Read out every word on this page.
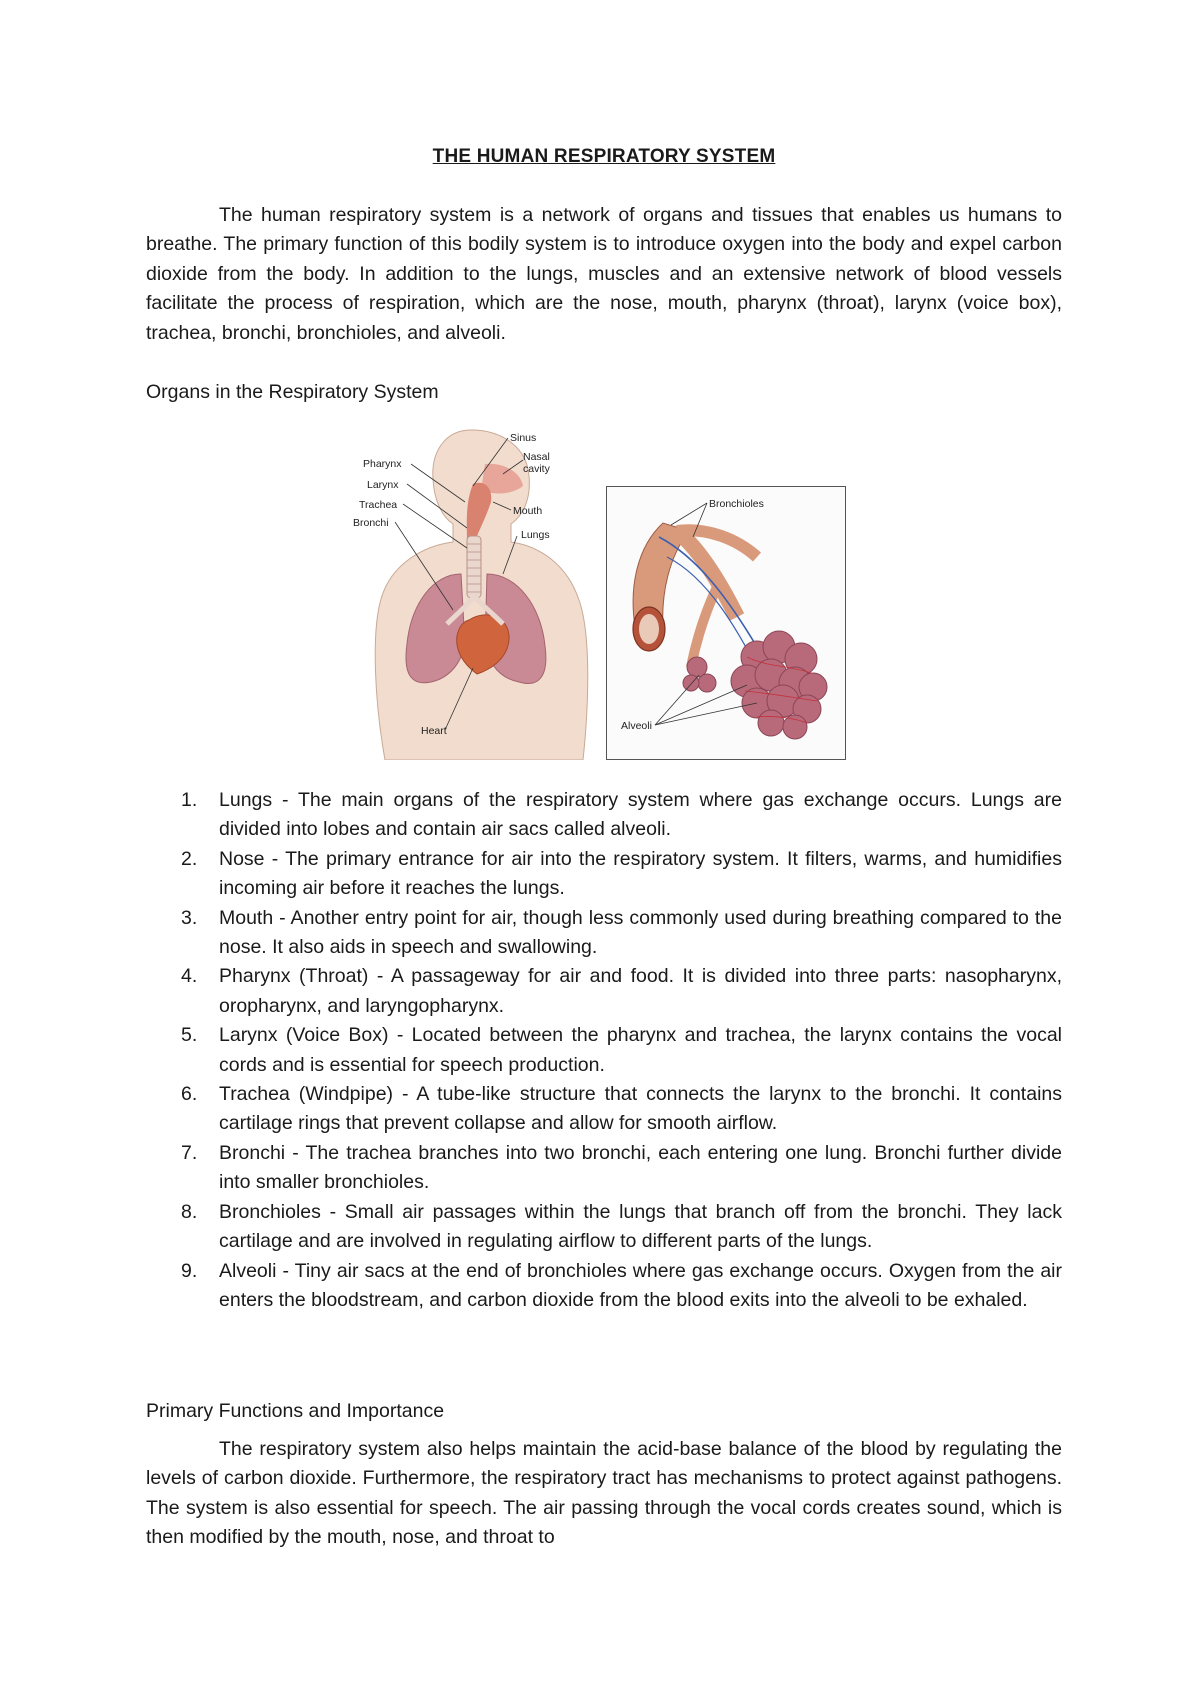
THE HUMAN RESPIRATORY SYSTEM

The human respiratory system is a network of organs and tissues that enables us humans to breathe. The primary function of this bodily system is to introduce oxygen into the body and expel carbon dioxide from the body. In addition to the lungs, muscles and an extensive network of blood vessels facilitate the process of respiration, which are the nose, mouth, pharynx (throat), larynx (voice box), trachea, bronchi, bronchioles, and alveoli.

Organs in the Respiratory System

Sinus
Nasal
cavity
Pharynx
Mouth
Larynx
Trachea
Lungs
Bronchi
Heart
Bronchioles
Alveoli
1. Lungs - The main organs of the respiratory system where gas exchange occurs. Lungs are divided into lobes and contain air sacs called alveoli.
2. Nose - The primary entrance for air into the respiratory system. It filters, warms, and humidifies incoming air before it reaches the lungs.
3. Mouth - Another entry point for air, though less commonly used during breathing compared to the nose. It also aids in speech and swallowing.
4. Pharynx (Throat) - A passageway for air and food. It is divided into three parts: nasopharynx, oropharynx, and laryngopharynx.
5. Larynx (Voice Box) - Located between the pharynx and trachea, the larynx contains the vocal cords and is essential for speech production.
6. Trachea (Windpipe) - A tube-like structure that connects the larynx to the bronchi. It contains cartilage rings that prevent collapse and allow for smooth airflow.
7. Bronchi - The trachea branches into two bronchi, each entering one lung. Bronchi further divide into smaller bronchioles.
8. Bronchioles - Small air passages within the lungs that branch off from the bronchi. They lack cartilage and are involved in regulating airflow to different parts of the lungs.
9. Alveoli - Tiny air sacs at the end of bronchioles where gas exchange occurs. Oxygen from the air enters the bloodstream, and carbon dioxide from the blood exits into the alveoli to be exhaled.

Primary Functions and Importance

The respiratory system also helps maintain the acid-base balance of the blood by regulating the levels of carbon dioxide. Furthermore, the respiratory tract has mechanisms to protect against pathogens. The system is also essential for speech. The air passing through the vocal cords creates sound, which is then modified by the mouth, nose, and throat to
